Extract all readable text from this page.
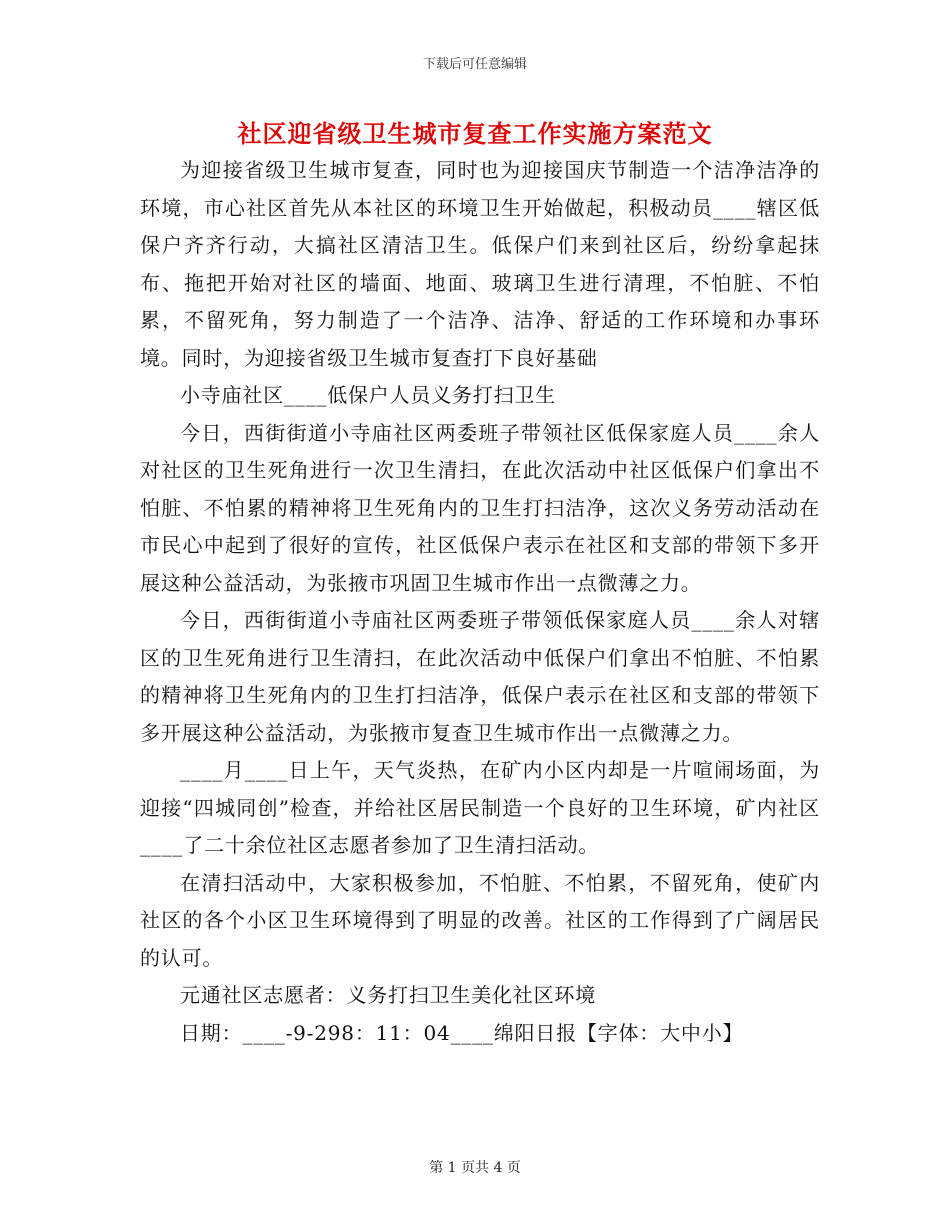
下载后可任意编辑
社区迎省级卫生城市复查工作实施方案范文

为迎接省级卫生城市复查，同时也为迎接国庆节制造一个洁净洁净的环境，市心社区首先从本社区的环境卫生开始做起，积极动员____辖区低保户齐齐行动，大搞社区清洁卫生。低保户们来到社区后，纷纷拿起抹布、拖把开始对社区的墙面、地面、玻璃卫生进行清理，不怕脏、不怕累，不留死角，努力制造了一个洁净、洁净、舒适的工作环境和办事环境。同时，为迎接省级卫生城市复查打下良好基础

小寺庙社区____低保户人员义务打扫卫生

今日，西街街道小寺庙社区两委班子带领社区低保家庭人员____余人对社区的卫生死角进行一次卫生清扫，在此次活动中社区低保户们拿出不怕脏、不怕累的精神将卫生死角内的卫生打扫洁净，这次义务劳动活动在市民心中起到了很好的宣传，社区低保户表示在社区和支部的带领下多开展这种公益活动，为张掖市巩固卫生城市作出一点微薄之力。

今日，西街街道小寺庙社区两委班子带领低保家庭人员____余人对辖区的卫生死角进行卫生清扫，在此次活动中低保户们拿出不怕脏、不怕累的精神将卫生死角内的卫生打扫洁净，低保户表示在社区和支部的带领下多开展这种公益活动，为张掖市复查卫生城市作出一点微薄之力。

____月____日上午，天气炎热，在矿内小区内却是一片喧闹场面，为迎接“四城同创”检查，并给社区居民制造一个良好的卫生环境，矿内社区____了二十余位社区志愿者参加了卫生清扫活动。

在清扫活动中，大家积极参加，不怕脏、不怕累，不留死角，使矿内社区的各个小区卫生环境得到了明显的改善。社区的工作得到了广阔居民的认可。

元通社区志愿者：义务打扫卫生美化社区环境

日期：____-9-298：11：04____绵阳日报【字体：大中小】

第 1 页共 4 页
